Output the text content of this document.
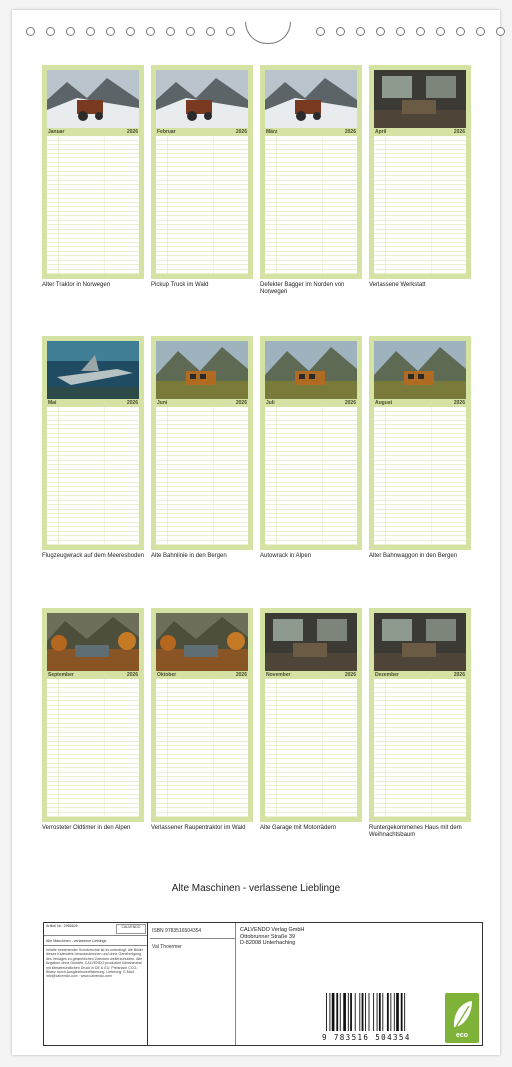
Januar	2026
Alter Traktor in Norwegen
Februar	2026
Pickup Truck im Wald
März	2026
Defekter Bagger im Norden von Norwegen
April	2026
Verlassene Werkstatt
Mai	2026
Flugzeugwrack auf dem Meeresboden
Juni	2026
Alte Bahnlinie in den Bergen
Juli	2026
Autowrack in Alpen
August	2026
Alter Bahnwaggon in den Bergen
September	2026
Verrosteter Oldtimer in den Alpen
Oktober	2026
Verlassener Raupentraktor im Wald
November	2026
Alte Garage mit Motorrädern
Dezember	2026
Runtergekommenes Haus mit dem Weihnachtsbaum
Alte Maschinen - verlassene Lieblinge
Artikel Nr.: 2965826	CALVENDO
Alte Maschinen - verlassene Lieblinge
Inhalte bestehender Schutzrechte ist es unbedingt, die Bilder dieses Kalenders herauszutrennen und ohne Genehmigung des Verlages zu gewerblichen Zwecken weiterzunutzen. Alle Angaben ohne Gewähr. CALVENDO produziert klimaneutral mit klimafreundlichen Druck in DE & EU. Preisnach CCO-Bilanz durch Ausgleichszertifizierung. Lieferung: E-Mail: info@calvendo.com · www.calvendo.com
ISBN 9783516504354
Val Thoermer
CALVENDO Verlag GmbH
Ottobrunner Straße 39
D-82008 Unterhaching
9 783516 504354	eco
